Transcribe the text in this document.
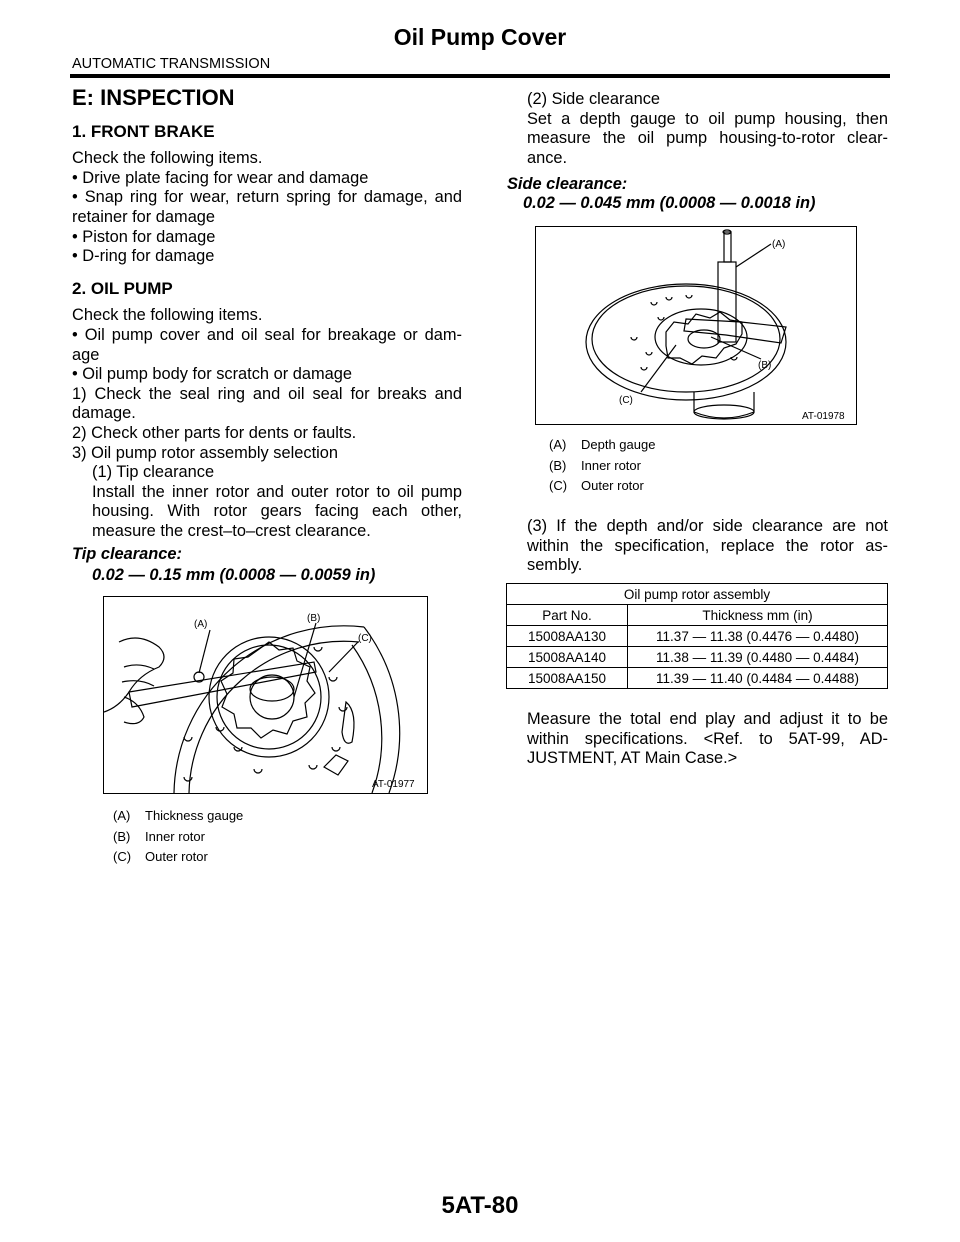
Oil Pump Cover
AUTOMATIC TRANSMISSION
E: INSPECTION
1. FRONT BRAKE
Check the following items.
• Drive plate facing for wear and damage
• Snap ring for wear, return spring for damage, and retainer for damage
• Piston for damage
• D-ring for damage
2. OIL PUMP
Check the following items.
• Oil pump cover and oil seal for breakage or dam-age
• Oil pump body for scratch or damage
1) Check the seal ring and oil seal for breaks and damage.
2) Check other parts for dents or faults.
3) Oil pump rotor assembly selection
(1) Tip clearance
Install the inner rotor and outer rotor to oil pump housing. With rotor gears facing each other, measure the crest–to–crest clearance.
Tip clearance:
0.02 — 0.15 mm (0.0008 — 0.0059 in)
(A)
(B)
(C)
AT-01977
(A) Thickness gauge
(B) Inner rotor
(C) Outer rotor
(2) Side clearance
Set a depth gauge to oil pump housing, then measure the oil pump housing-to-rotor clear-ance.
Side clearance:
0.02 — 0.045 mm (0.0008 — 0.0018 in)
(A)
(B)
(C)
AT-01978
(A) Depth gauge
(B) Inner rotor
(C) Outer rotor
(3) If the depth and/or side clearance are not within the specification, replace the rotor as-sembly.
Oil pump rotor assembly	
Part No.	Thickness mm (in)
15008AA130	11.37 — 11.38 (0.4476 — 0.4480)
15008AA140	11.38 — 11.39 (0.4480 — 0.4484)
15008AA150	11.39 — 11.40 (0.4484 — 0.4488)
Measure the total end play and adjust it to be within specifications. <Ref. to 5AT-99, AD-JUSTMENT, AT Main Case.>
5AT-80
